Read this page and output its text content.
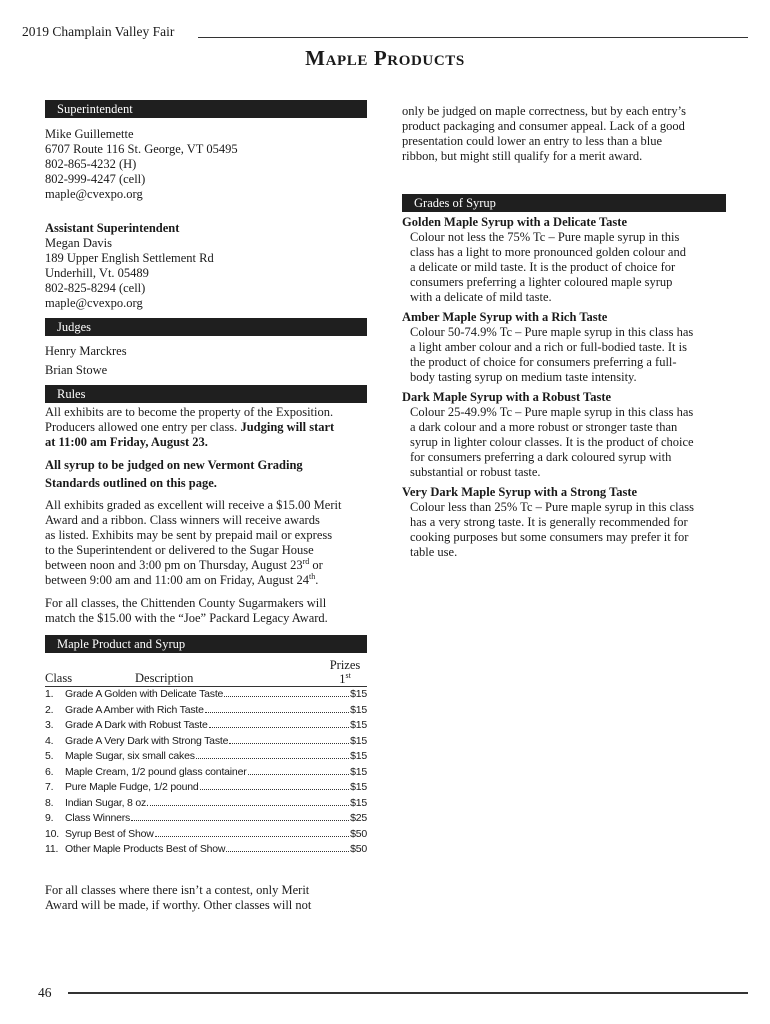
2019 Champlain Valley Fair
Maple Products
Superintendent
Mike Guillemette
6707 Route 116 St. George, VT 05495
802-865-4232 (H)
802-999-4247 (cell)
maple@cvexpo.org
Assistant Superintendent
Megan Davis
189 Upper English Settlement Rd
Underhill, Vt. 05489
802-825-8294 (cell)
maple@cvexpo.org
Judges
Henry Marckres
Brian Stowe
Rules
All exhibits are to become the property of the Exposition.
Producers allowed one entry per class. Judging will start
at 11:00 am Friday, August 23.
All syrup to be judged on new Vermont Grading
Standards outlined on this page.
All exhibits graded as excellent will receive a $15.00 Merit
Award and a ribbon. Class winners will receive awards
as listed. Exhibits may be sent by prepaid mail or express
to the Superintendent or delivered to the Sugar House
between noon and 3:00 pm on Thursday, August 23rd or
between 9:00 am and 11:00 am on Friday, August 24th.
For all classes, the Chittenden County Sugarmakers will
match the $15.00 with the “Joe” Packard Legacy Award.
Maple Product and Syrup
Class	Description
Prizes
1st
1.	Grade A Golden with Delicate Taste	$15
2.	Grade A Amber with Rich Taste	$15
3.	Grade A Dark with Robust Taste	$15
4.	Grade A Very Dark with Strong Taste	$15
5.	Maple Sugar, six small cakes	$15
6.	Maple Cream, 1/2 pound glass container	$15
7.	Pure Maple Fudge, 1/2 pound	$15
8.	Indian Sugar, 8 oz.	$15
9.	Class Winners	$25
10. Syrup Best of Show	$50
11. Other Maple Products Best of Show	$50
For all classes where there isn’t a contest, only Merit
Award will be made, if worthy. Other classes will not
only be judged on maple correctness, but by each entry’s
product packaging and consumer appeal. Lack of a good
presentation could lower an entry to less than a blue
ribbon, but might still qualify for a merit award.
Grades of Syrup
Golden Maple Syrup with a Delicate Taste
Colour not less the 75% Tc – Pure maple syrup in this
class has a light to more pronounced golden colour and
a delicate or mild taste. It is the product of choice for
consumers preferring a lighter coloured maple syrup
with a delicate of mild taste.
Amber Maple Syrup with a Rich Taste
Colour 50-74.9% Tc – Pure maple syrup in this class has
a light amber colour and a rich or full-bodied taste. It is
the product of choice for consumers preferring a full-
body tasting syrup on medium taste intensity.
Dark Maple Syrup with a Robust Taste
Colour 25-49.9% Tc – Pure maple syrup in this class has
a dark colour and a more robust or stronger taste than
syrup in lighter colour classes. It is the product of choice
for consumers preferring a dark coloured syrup with
substantial or robust taste.
Very Dark Maple Syrup with a Strong Taste
Colour less than 25% Tc – Pure maple syrup in this class
has a very strong taste. It is generally recommended for
cooking purposes but some consumers may prefer it for
table use.
46
